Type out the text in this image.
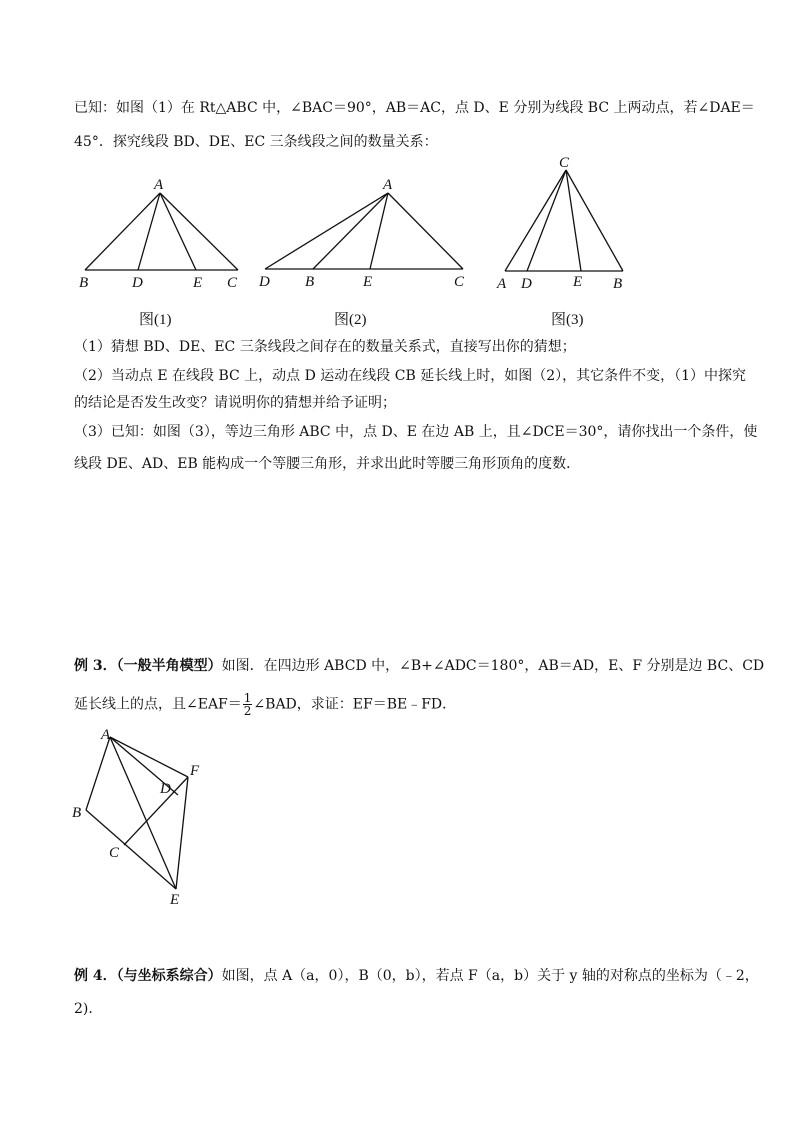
已知：如图（1）在 Rt△ABC 中，∠BAC＝90°，AB＝AC，点 D、E 分别为线段 BC 上两动点，若∠DAE＝
45°．探究线段 BD、DE、EC 三条线段之间的数量关系：
A
B	D	E C
A
D B	E	C
C
A D	E B
图(1)	图(2)	图(3)
（1）猜想 BD、DE、EC 三条线段之间存在的数量关系式，直接写出你的猜想；
（2）当动点 E 在线段 BC 上，动点 D 运动在线段 CB 延长线上时，如图（2），其它条件不变，（1）中探究
的结论是否发生改变？请说明你的猜想并给予证明；
（3）已知：如图（3），等边三角形 ABC 中，点 D、E 在边 AB 上，且∠DCE＝30°，请你找出一个条件，使
线段 DE、AD、EB 能构成一个等腰三角形，并求出此时等腰三角形顶角的度数．
例 3．（一般半角模型）如图．在四边形 ABCD 中，∠B+∠ADC＝180°，AB＝AD，E、F 分别是边 BC、CD
延长线上的点，且∠EAF＝ $\frac{1}{2}$ ∠BAD，求证：EF＝BE﹣FD．
A
F
D
B
C
E
例 4．（与坐标系综合）如图，点 A（a，0），B（0，b），若点 F（a，b）关于 y 轴的对称点的坐标为（﹣2，
2)．
